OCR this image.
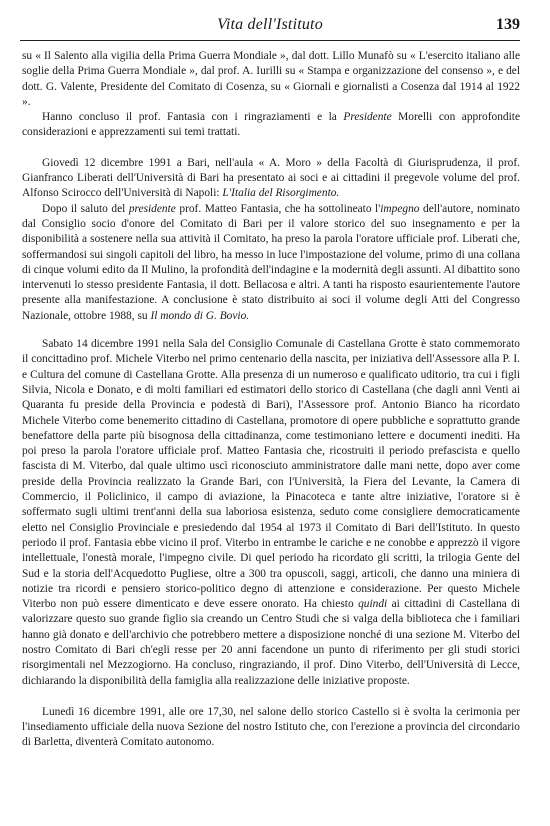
Vita dell'Istituto	139

su « Il Salento alla vigilia della Prima Guerra Mondiale », dal dott. Lillo Munafò su « L'esercito italiano alle soglie della Prima Guerra Mondiale », dal prof. A. Iurilli su « Stampa e organizzazione del consenso », e del dott. G. Valente, Presidente del Comitato di Cosenza, su « Giornali e giornalisti a Cosenza dal 1914 al 1922 ».

Hanno concluso il prof. Fantasia con i ringraziamenti e la Presidente Morelli con approfondite considerazioni e apprezzamenti sui temi trattati.

Giovedì 12 dicembre 1991 a Bari, nell'aula « A. Moro » della Facoltà di Giurisprudenza, il prof. Gianfranco Liberati dell'Università di Bari ha presentato ai soci e ai cittadini il pregevole volume del prof. Alfonso Scirocco dell'Università di Napoli: L'Italia del Risorgimento.

Dopo il saluto del presidente prof. Matteo Fantasia, che ha sottolineato l'impegno dell'autore, nominato dal Consiglio socio d'onore del Comitato di Bari per il valore storico del suo insegnamento e per la disponibilità a sostenere nella sua attività il Comitato, ha preso la parola l'oratore ufficiale prof. Liberati che, soffermandosi sui singoli capitoli del libro, ha messo in luce l'impostazione del volume, primo di una collana di cinque volumi edito da Il Mulino, la profondità dell'indagine e la modernità degli assunti. Al dibattito sono intervenuti lo stesso presidente Fantasia, il dott. Bellacosa e altri. A tanti ha risposto esaurientemente l'autore presente alla manifestazione. A conclusione è stato distribuito ai soci il volume degli Atti del Congresso Nazionale, ottobre 1988, su Il mondo di G. Bovio.

Sabato 14 dicembre 1991 nella Sala del Consiglio Comunale di Castellana Grotte è stato commemorato il concittadino prof. Michele Viterbo nel primo centenario della nascita, per iniziativa dell'Assessore alla P. I. e Cultura del comune di Castellana Grotte. Alla presenza di un numeroso e qualificato uditorio, tra cui i figli Silvia, Nicola e Donato, e di molti familiari ed estimatori dello storico di Castellana (che dagli anni Venti ai Quaranta fu preside della Provincia e podestà di Bari), l'Assessore prof. Antonio Bianco ha ricordato Michele Viterbo come benemerito cittadino di Castellana, promotore di opere pubbliche e soprattutto grande benefattore della parte più bisognosa della cittadinanza, come testimoniano lettere e documenti inediti. Ha poi preso la parola l'oratore ufficiale prof. Matteo Fantasia che, ricostruiti il periodo prefascista e quello fascista di M. Viterbo, dal quale ultimo uscì riconosciuto amministratore dalle mani nette, dopo aver come preside della Provincia realizzato la Grande Bari, con l'Università, la Fiera del Levante, la Camera di Commercio, il Policlinico, il campo di aviazione, la Pinacoteca e tante altre iniziative, l'oratore si è soffermato sugli ultimi trent'anni della sua laboriosa esistenza, seduto come consigliere democraticamente eletto nel Consiglio Provinciale e presiedendo dal 1954 al 1973 il Comitato di Bari dell'Istituto. In questo periodo il prof. Fantasia ebbe vicino il prof. Viterbo in entrambe le cariche e ne conobbe e apprezzò il vigore intellettuale, l'onestà morale, l'impegno civile. Di quel periodo ha ricordato gli scritti, la trilogia Gente del Sud e la storia dell'Acquedotto Pugliese, oltre a 300 tra opuscoli, saggi, articoli, che danno una miniera di notizie tra ricordi e pensiero storico-politico degno di attenzione e considerazione. Per questo Michele Viterbo non può essere dimenticato e deve essere onorato. Ha chiesto quindi ai cittadini di Castellana di valorizzare questo suo grande figlio sia creando un Centro Studi che si valga della biblioteca che i familiari hanno già donato e dell'archivio che potrebbero mettere a disposizione nonché di una sezione M. Viterbo del nostro Comitato di Bari ch'egli resse per 20 anni facendone un punto di riferimento per gli studi storici risorgimentali nel Mezzogiorno. Ha concluso, ringraziando, il prof. Dino Viterbo, dell'Università di Lecce, dichiarando la disponibilità della famiglia alla realizzazione delle iniziative proposte.

Lunedì 16 dicembre 1991, alle ore 17,30, nel salone dello storico Castello si è svolta la cerimonia per l'insediamento ufficiale della nuova Sezione del nostro Istituto che, con l'erezione a provincia del circondario di Barletta, diventerà Comitato autonomo.
